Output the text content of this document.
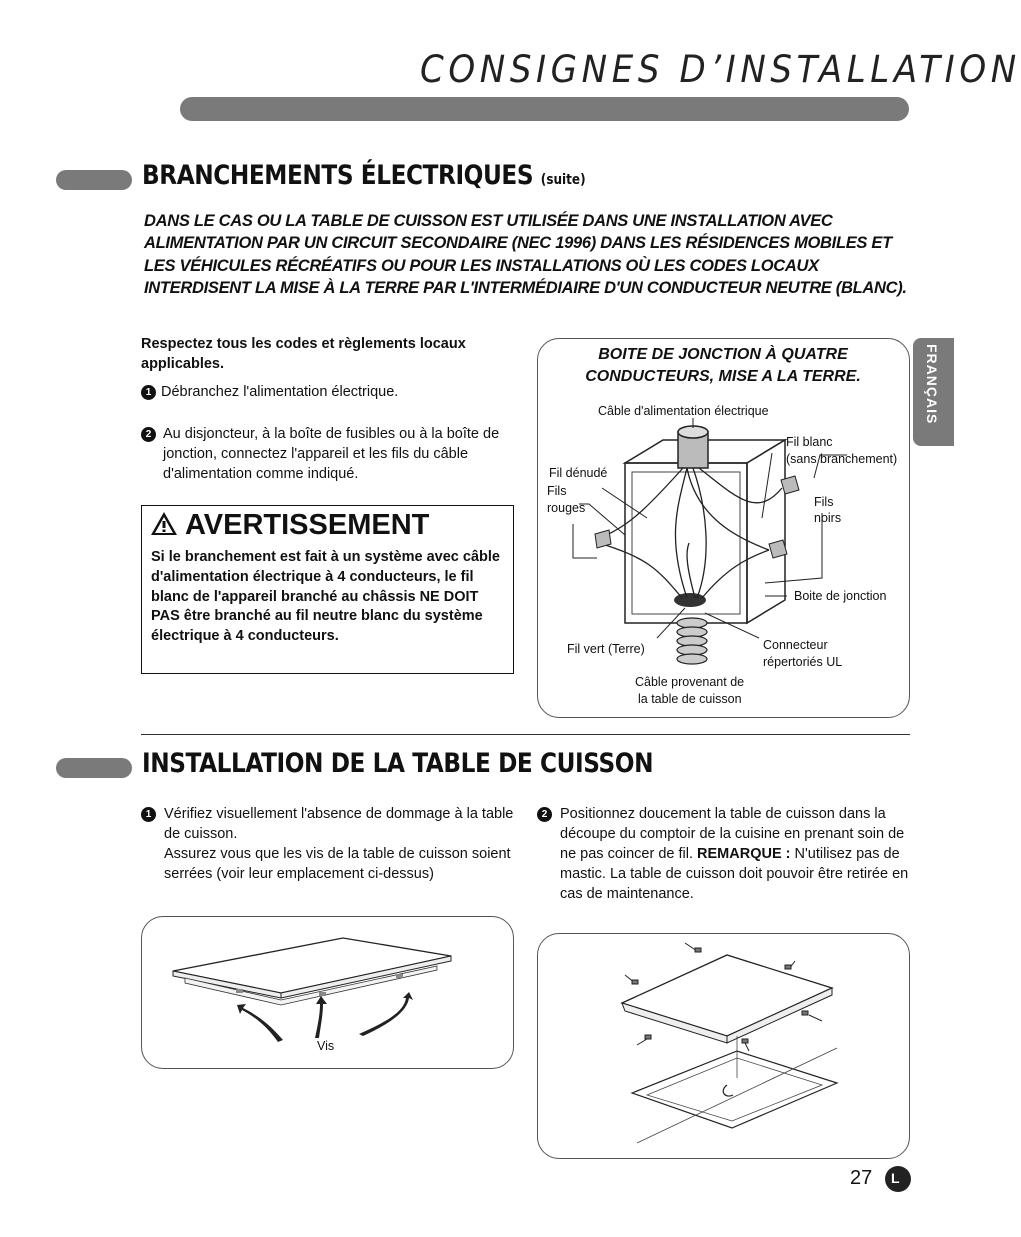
CONSIGNES D’INSTALLATION
FRANÇAIS
BRANCHEMENTS ÉLECTRIQUES (suite)
DANS LE CAS OU LA TABLE DE CUISSON EST UTILISÉE DANS UNE INSTALLATION AVEC ALIMENTATION PAR UN CIRCUIT SECONDAIRE (NEC 1996) DANS LES RÉSIDENCES MOBILES ET LES VÉHICULES RÉCRÉATIFS OU POUR LES INSTALLATIONS OÙ LES CODES LOCAUX INTERDISENT LA MISE À LA TERRE PAR L'INTERMÉDIAIRE D'UN CONDUCTEUR NEUTRE (BLANC).
Respectez tous les codes et règlements locaux applicables.
1 Débranchez l'alimentation électrique.
2 Au disjoncteur, à la boîte de fusibles ou à la boîte de jonction, connectez l'appareil et les fils du câble d'alimentation comme indiqué.
AVERTISSEMENT
Si le branchement est fait à un système avec câble d'alimentation électrique à 4 conducteurs, le fil blanc de l'appareil branché au châssis NE DOIT PAS être branché au fil neutre blanc du système électrique à 4 conducteurs.
BOITE DE JONCTION À QUATRE CONDUCTEURS, MISE A LA TERRE.
Câble d'alimentation électrique
Fil blanc
(sans branchement)
Fil dénudé
Fils
rouges	Fils
noirs
Boite de jonction
Fil vert (Terre)	Connecteur
répertoriés UL
Câble provenant de
la table de cuisson
INSTALLATION DE LA TABLE DE CUISSON
1 Vérifiez visuellement l'absence de dommage à la table de cuisson.
Assurez vous que les vis de la table de cuisson soient serrées (voir leur emplacement ci-dessus)
2 Positionnez doucement la table de cuisson dans la découpe du comptoir de la cuisine en prenant soin de ne pas coincer de fil. REMARQUE : N'utilisez pas de mastic. La table de cuisson doit pouvoir être retirée en cas de maintenance.
Vis
27 L
